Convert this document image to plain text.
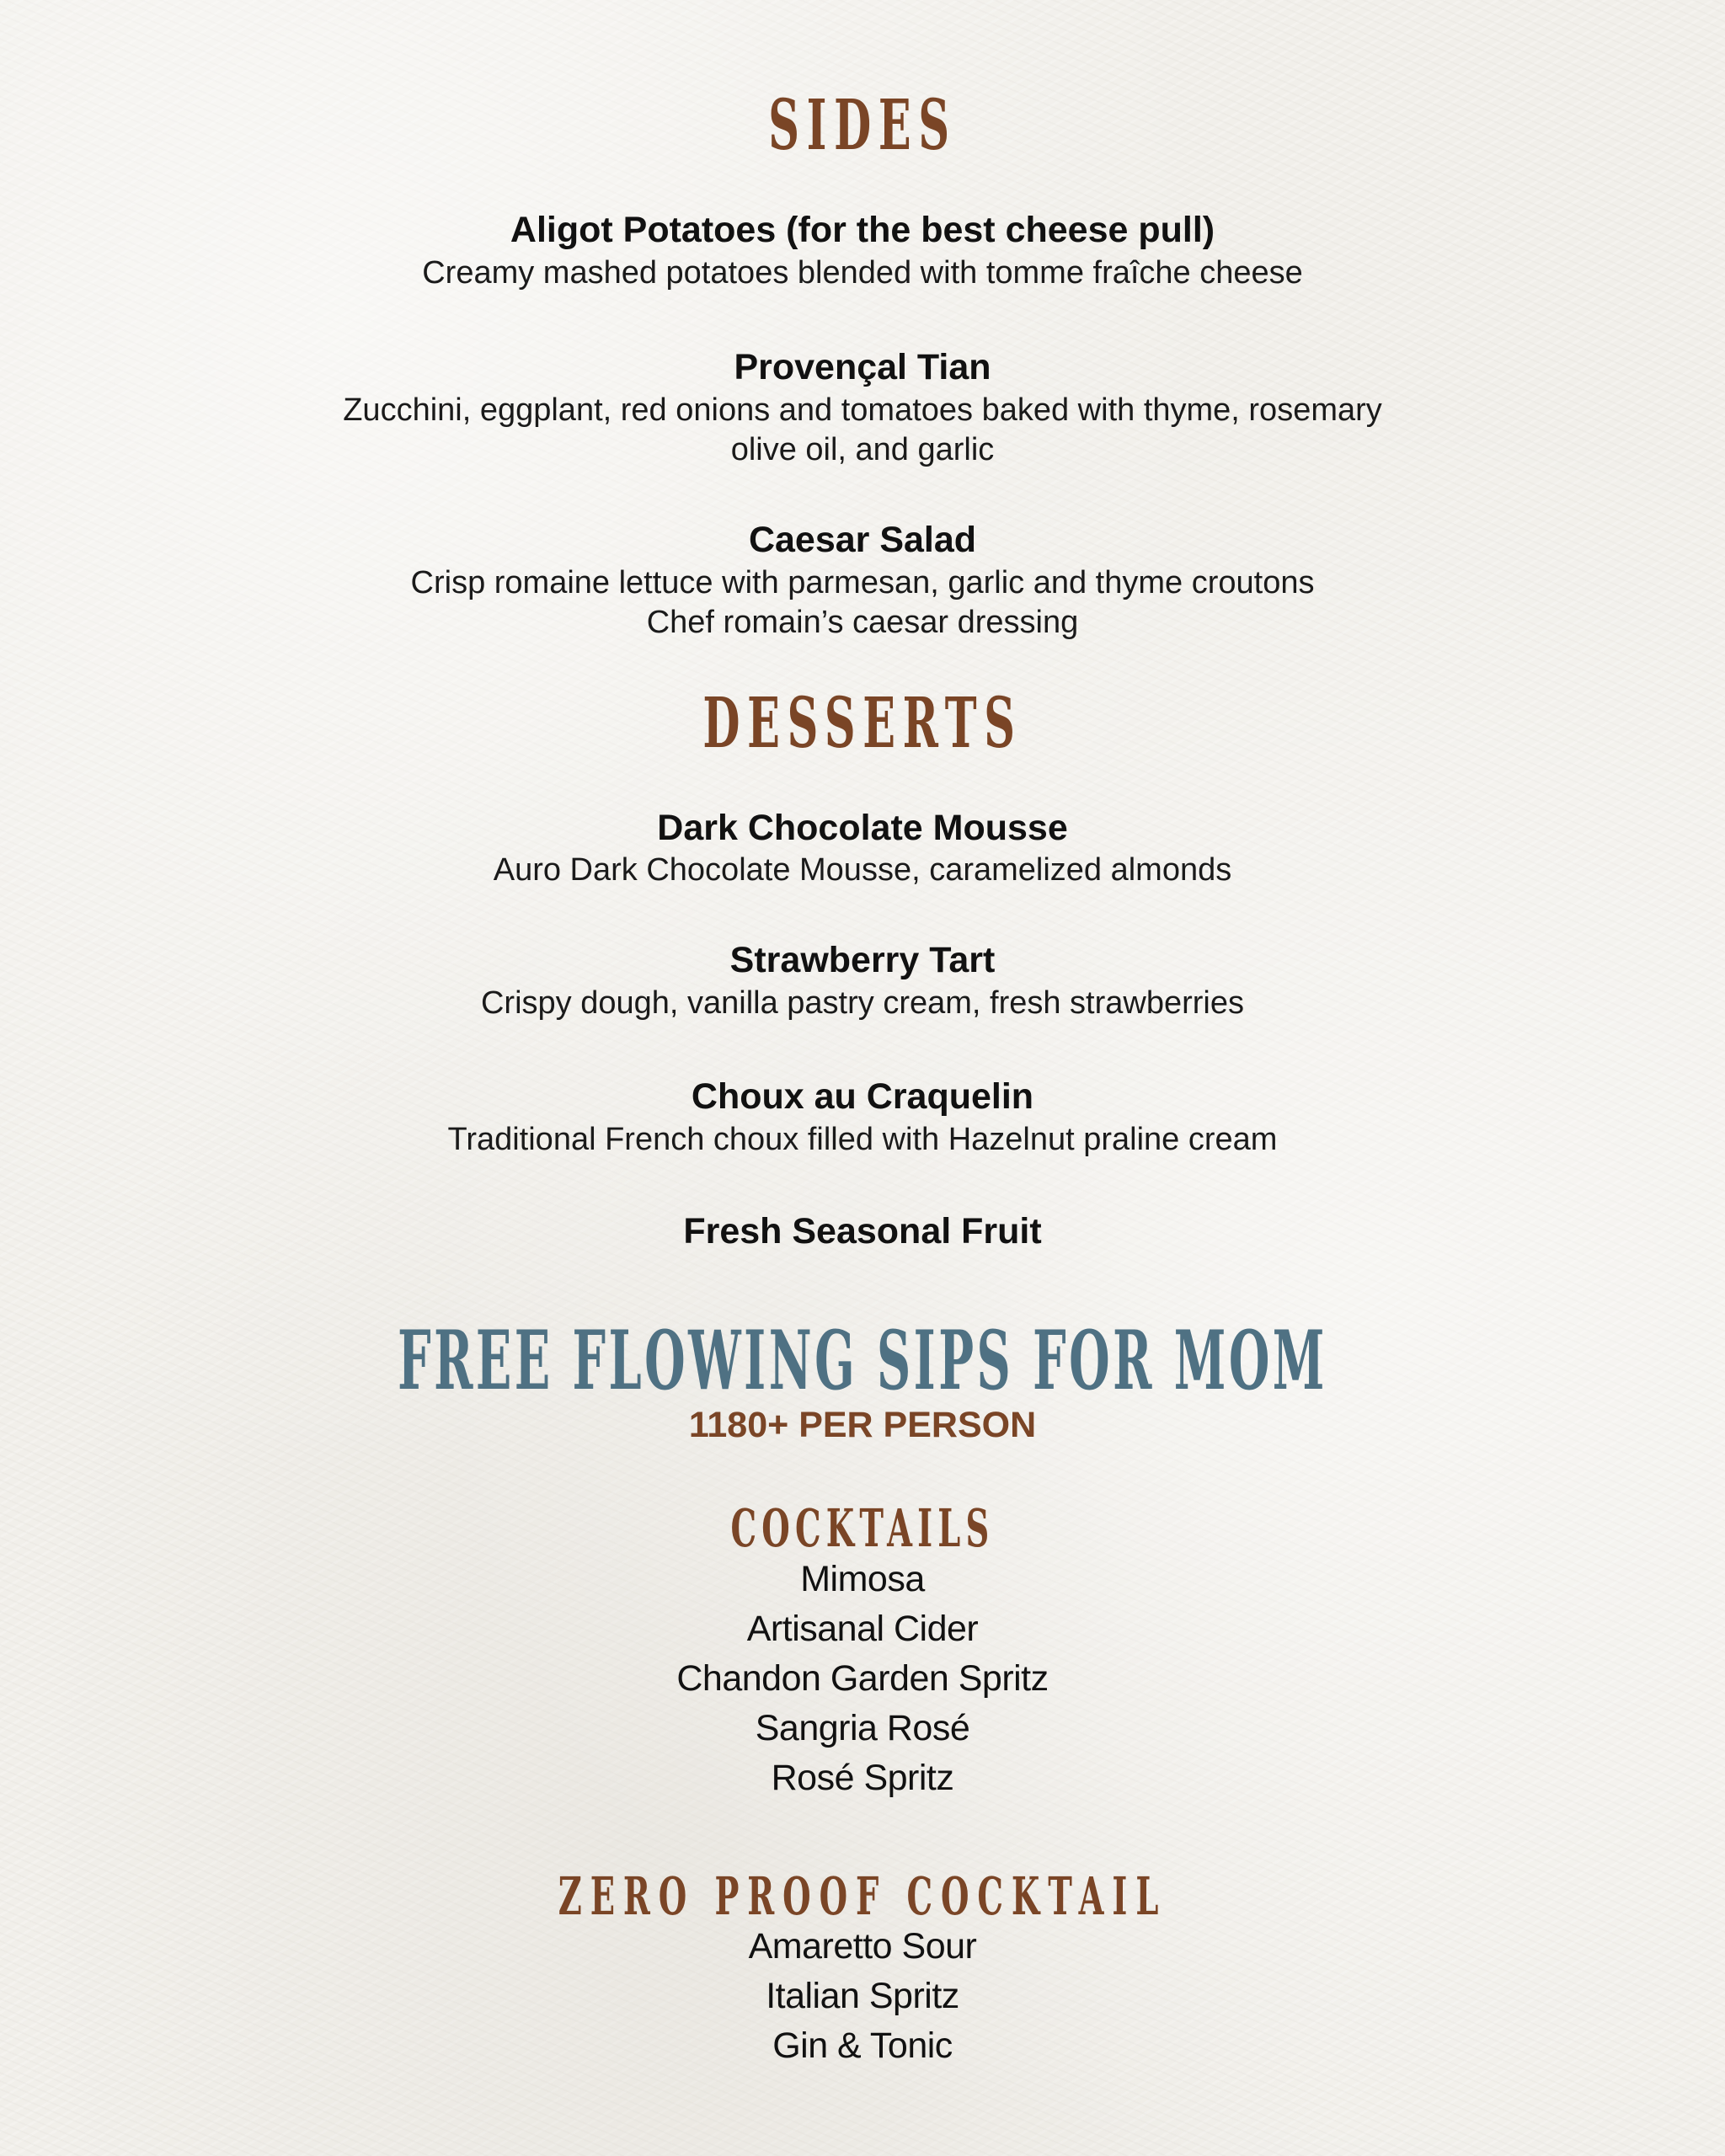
SIDES
Aligot Potatoes (for the best cheese pull)
Creamy mashed potatoes blended with tomme fraîche cheese
Provençal Tian
Zucchini, eggplant, red onions and tomatoes baked with thyme, rosemary
olive oil, and garlic
Caesar Salad
Crisp romaine lettuce with parmesan, garlic and thyme croutons
Chef romain’s caesar dressing
DESSERTS
Dark Chocolate Mousse
Auro Dark Chocolate Mousse, caramelized almonds
Strawberry Tart
Crispy dough, vanilla pastry cream, fresh strawberries
Choux au Craquelin
Traditional French choux filled with Hazelnut praline cream
Fresh Seasonal Fruit
FREE FLOWING SIPS FOR MOM
1180+ PER PERSON
COCKTAILS
Mimosa
Artisanal Cider
Chandon Garden Spritz
Sangria Rosé
Rosé Spritz
ZERO PROOF COCKTAIL
Amaretto Sour
Italian Spritz
Gin & Tonic
